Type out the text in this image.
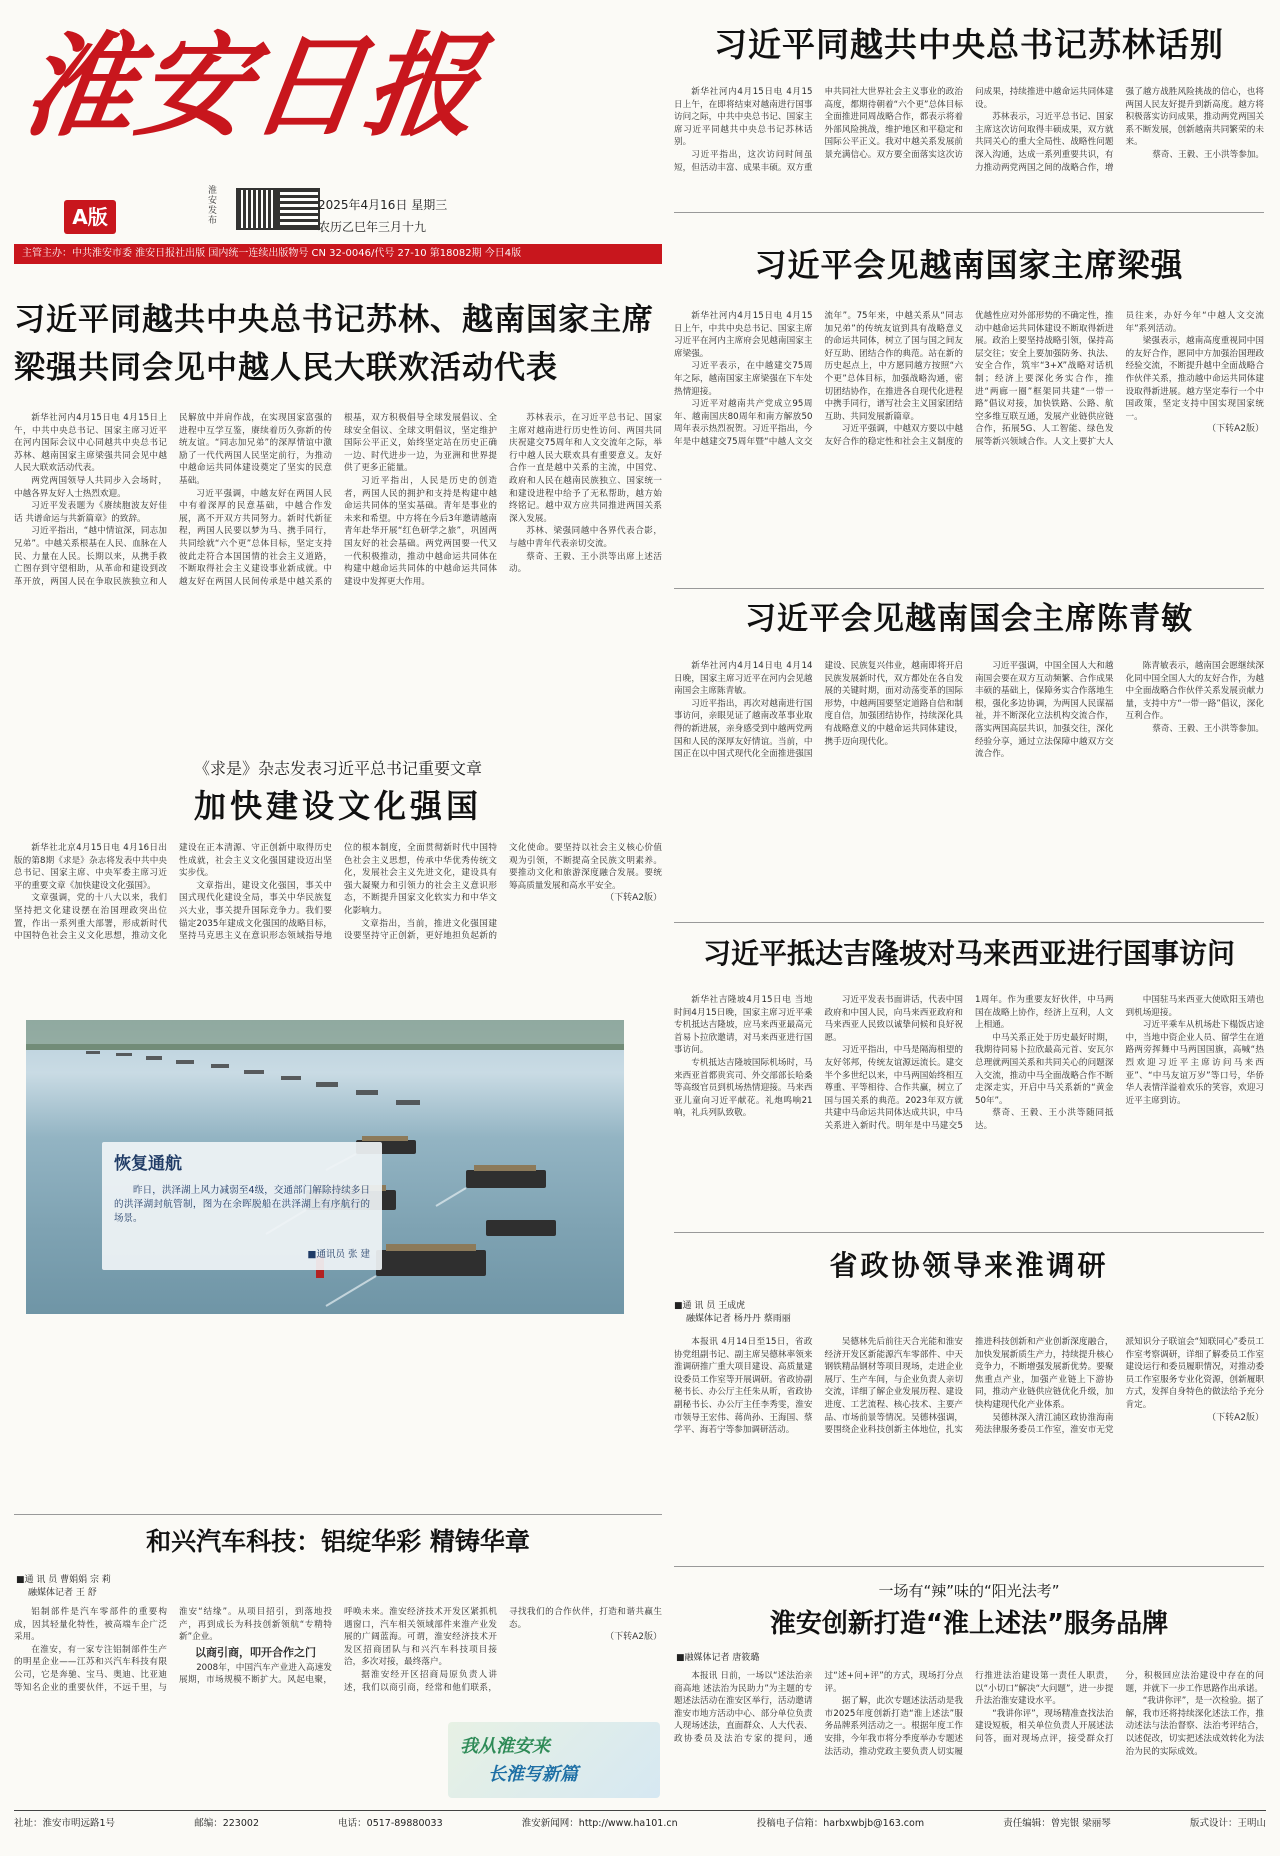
淮安日报
A版
淮安发布
2025年4月16日 星期三
农历乙巳年三月十九
主管主办：中共淮安市委 淮安日报社出版 国内统一连续出版物号 CN 32-0046/代号 27-10 第18082期 今日4版
习近平同越共中央总书记苏林话别

新华社河内4月15日电 4月15日上午，在即将结束对越南进行国事访问之际，中共中央总书记、国家主席习近平同越共中央总书记苏林话别。

习近平指出，这次访问时间虽短，但活动丰富、成果丰硕。双方重申共同社大世界社会主义事业的政治高度，都期待朝着“六个更”总体目标全面推进同周战略合作，都表示将着外部风险挑战，维护地区和平稳定和国际公平正义。我对中越关系发展前景充满信心。双方要全面落实这次访问成果，持续推进中越命运共同体建设。

苏林表示，习近平总书记、国家主席这次访问取得丰硕成果，双方就共同关心的重大全局性、战略性问题深入沟通，达成一系列重要共识，有力推动两党两国之间的战略合作，增强了越方战胜风险挑战的信心，也将两国人民友好提升到新高度。越方将积极落实访问成果，推动两党两国关系不断发展，创新越南共同繁荣的未来。

蔡奇、王毅、王小洪等参加。

习近平会见越南国家主席梁强

新华社河内4月15日电 4月15日上午，中共中央总书记、国家主席习近平在河内主席府会见越南国家主席梁强。

习近平表示，在中越建交75周年之际，越南国家主席梁强在下车处热情迎接。

习近平对越南共产党成立95周年、越南国庆80周年和南方解放50周年表示热烈祝贺。习近平指出，今年是中越建交75周年暨“中越人文交流年”。75年来，中越关系从“同志加兄弟”的传统友谊到具有战略意义的命运共同体，树立了国与国之间友好互助、团结合作的典范。站在新的历史起点上，中方愿同越方按照“六个更”总体目标，加强战略沟通，密切团结协作，在推进各自现代化进程中携手同行，谱写社会主义国家团结互助、共同发展新篇章。

习近平强调，中越双方要以中越友好合作的稳定性和社会主义制度的优越性应对外部形势的不确定性，推动中越命运共同体建设不断取得新进展。政治上要坚持战略引领，保持高层交往；安全上要加强防务、执法、安全合作，筑牢“3+X”战略对话机制；经济上要深化务实合作，推进“两廊一圈”框架同共建“一带一路”倡议对接，加快铁路、公路、航空多维互联互通，发展产业链供应链合作，拓展5G、人工智能、绿色发展等新兴领域合作。人文上要扩大人员往来，办好今年“中越人文交流年”系列活动。

梁强表示，越南高度重视同中国的友好合作，愿同中方加强治国理政经验交流，不断提升越中全面战略合作伙伴关系，推动越中命运共同体建设取得新进展。越方坚定奉行一个中国政策，坚定支持中国实现国家统一。

（下转A2版）

习近平同越共中央总书记苏林、越南国家主席
梁强共同会见中越人民大联欢活动代表

新华社河内4月15日电 4月15日上午，中共中央总书记、国家主席习近平在河内国际会议中心同越共中央总书记苏林、越南国家主席梁强共同会见中越人民大联欢活动代表。

两党两国领导人共同步入会场时，中越各界友好人士热烈欢迎。

习近平发表题为《赓续胞波友好佳话 共谱命运与共新篇章》的致辞。

习近平指出，“越中情谊深，同志加兄弟”。中越关系根基在人民、血脉在人民、力量在人民。长期以来，从携手救亡图存到守望相助，从革命和建设到改革开放，两国人民在争取民族独立和人民解放中并肩作战，在实现国家富强的进程中互学互鉴，赓续着历久弥新的传统友谊。“同志加兄弟”的深厚情谊中激励了一代代两国人民坚定前行，为推动中越命运共同体建设奠定了坚实的民意基础。

习近平强调，中越友好在两国人民中有着深厚的民意基础，中越合作发展，离不开双方共同努力。新时代新征程，两国人民要以梦为马、携手同行，共同绘就“六个更”总体目标，坚定支持彼此走符合本国国情的社会主义道路，不断取得社会主义建设事业新成就。中越友好在两国人民间传承是中越关系的根基，双方积极倡导全球发展倡议、全球安全倡议、全球文明倡议，坚定维护国际公平正义，始终坚定站在历史正确一边、时代进步一边，为亚洲和世界提供了更多正能量。

习近平指出，人民是历史的创造者，两国人民的拥护和支持是构建中越命运共同体的坚实基础。青年是事业的未来和希望。中方将在今后3年邀请越南青年赴华开展“红色研学之旅”，巩固两国友好的社会基础。两党两国要一代又一代积极推动，推动中越命运共同体在构建中越命运共同体的中越命运共同体建设中发挥更大作用。

苏林表示，在习近平总书记、国家主席对越南进行历史性访问、两国共同庆祝建交75周年和人文交流年之际，举行中越人民大联欢具有重要意义。友好合作一直是越中关系的主流，中国党、政府和人民在越南民族独立、国家统一和建设进程中给予了无私帮助，越方始终铭记。越中双方应共同推进两国关系深入发展。

苏林、梁强同越中各界代表合影，与越中青年代表亲切交流。

蔡奇、王毅、王小洪等出席上述活动。

《求是》杂志发表习近平总书记重要文章
加快建设文化强国

新华社北京4月15日电 4月16日出版的第8期《求是》杂志将发表中共中央总书记、国家主席、中央军委主席习近平的重要文章《加快建设文化强国》。

文章强调，党的十八大以来，我们坚持把文化建设摆在治国理政突出位置，作出一系列重大部署，形成新时代中国特色社会主义文化思想，推动文化建设在正本清源、守正创新中取得历史性成就，社会主义文化强国建设迈出坚实步伐。

文章指出，建设文化强国，事关中国式现代化建设全局，事关中华民族复兴大业，事关提升国际竞争力。我们要锚定2035年建成文化强国的战略目标，坚持马克思主义在意识形态领域指导地位的根本制度，全面贯彻新时代中国特色社会主义思想，传承中华优秀传统文化，发展社会主义先进文化，建设具有强大凝聚力和引领力的社会主义意识形态，不断提升国家文化软实力和中华文化影响力。

文章指出，当前，推进文化强国建设要坚持守正创新，更好地担负起新的文化使命。要坚持以社会主义核心价值观为引领，不断提高全民族文明素养。要推动文化和旅游深度融合发展。要统筹高质量发展和高水平安全。

（下转A2版）

习近平会见越南国会主席陈青敏

新华社河内4月14日电 4月14日晚，国家主席习近平在河内会见越南国会主席陈青敏。

习近平指出，再次对越南进行国事访问，亲眼见证了越南改革事业取得的新进展，亲身感受到中越两党两国和人民的深厚友好情谊。当前，中国正在以中国式现代化全面推进强国建设、民族复兴伟业，越南即将开启民族发展新时代，双方都处在各自发展的关键时期，面对动荡变革的国际形势，中越两国要坚定道路自信和制度自信，加强团结协作，持续深化具有战略意义的中越命运共同体建设，携手迈向现代化。

习近平强调，中国全国人大和越南国会要在双方互动频繁、合作成果丰硕的基础上，保障务实合作落地生根，强化多边协调，为两国人民谋福祉，并不断深化立法机构交流合作，落实两国高层共识，加强交往，深化经验分享，通过立法保障中越双方交流合作。

陈青敏表示，越南国会愿继续深化同中国全国人大的友好合作，为越中全面战略合作伙伴关系发展贡献力量，支持中方“一带一路”倡议，深化互利合作。

蔡奇、王毅、王小洪等参加。

习近平抵达吉隆坡对马来西亚进行国事访问

新华社吉隆坡4月15日电 当地时间4月15日晚，国家主席习近平乘专机抵达吉隆坡，应马来西亚最高元首易卜拉欣邀请，对马来西亚进行国事访问。

专机抵达吉隆坡国际机场时，马来西亚首都贵宾司、外交部部长哈桑等高级官员到机场热情迎接。马来西亚儿童向习近平献花。礼炮鸣响21响，礼兵列队致敬。

习近平发表书面讲话，代表中国政府和中国人民，向马来西亚政府和马来西亚人民致以诚挚问候和良好祝愿。

习近平指出，中马是隔海相望的友好邻邦，传统友谊源远流长。建交半个多世纪以来，中马两国始终相互尊重、平等相待、合作共赢，树立了国与国关系的典范。2023年双方就共建中马命运共同体达成共识，中马关系进入新时代。明年是中马建交51周年。作为重要友好伙伴，中马两国在战略上协作，经济上互利，人文上相通。

中马关系正处于历史最好时期，我期待同易卜拉欣最高元首、安瓦尔总理就两国关系和共同关心的问题深入交流，推动中马全面战略合作不断走深走实，开启中马关系新的“黄金50年”。

蔡奇、王毅、王小洪等随同抵达。

中国驻马来西亚大使欧阳玉靖也到机场迎接。

习近平乘车从机场赴下榻饭店途中，当地中资企业人员、留学生在道路两旁挥舞中马两国国旗，高喊“热烈欢迎习近平主席访问马来西亚”、“中马友谊万岁”等口号，华侨华人表情洋溢着欢乐的笑容，欢迎习近平主席到访。

恢复通航
昨日，洪泽湖上风力减弱至4级，交通部门解除持续多日的洪泽湖封航管制，图为在余晖脱船在洪泽湖上有序航行的场景。
■通讯员 张 建	省政协领导来淮调研
■通 讯 员 王成虎
融媒体记者 杨丹丹 蔡雨丽

本报讯 4月14日至15日，省政协党组副书记、副主席吴德林率领来淮调研推广重大项目建设、高质量建设委员工作室等开展调研。省政协副秘书长、办公厅主任朱从昕，省政协副秘书长、办公厅主任李秀雯，淮安市领导王宏伟、蒋尚孙、王海国、蔡学平、海若宁等参加调研活动。

吴德林先后前往天合光能和淮安经济开发区新能源汽车零部件、中天钢铁精品钢材等项目现场，走进企业展厅、生产车间，与企业负责人亲切交流，详细了解企业发展历程、建设进度、工艺流程、核心技术、主要产品、市场前景等情况。吴德林强调，要围绕企业科技创新主体地位，扎实推进科技创新和产业创新深度融合，加快发展新质生产力，持续提升核心竞争力，不断增强发展新优势。要聚焦重点产业，加强产业链上下游协同，推动产业链供应链优化升级，加快构建现代化产业体系。

吴德林深入清江浦区政协淮海南苑法律服务委员工作室，淮安市无党派知识分子联谊会“知联同心”委员工作室考察调研，详细了解委员工作室建设运行和委员履职情况，对推动委员工作室服务专业化资源，创新履职方式，发挥自身特色的做法给予充分肯定。

（下转A2版）

和兴汽车科技：铝绽华彩 精铸华章
■通 讯 员 曹娟娟 宗 莉
融媒体记者 王 舒

铝制部件是汽车零部件的重要构成，因其轻量化特性，被高端车企广泛采用。

在淮安，有一家专注铝制部件生产的明星企业——江苏和兴汽车科技有限公司，它是奔驰、宝马、奥迪、比亚迪等知名企业的重要伙伴，不远千里，与淮安“结缘”。从项目招引，到落地投产，再到成长为科技创新领航“专精特新”企业。

以商引商，叩开合作之门

2008年，中国汽车产业进入高速发展期，市场规模不断扩大。风起电聚，呼唤未来。淮安经济技术开发区紧抓机遇窗口，汽车相关领域部件来淮产业发展的广阔蓝海。可谓，淮安经济技术开发区招商团队与和兴汽车科技项目接洽，多次对接，最终落户。

据淮安经开区招商局原负责人讲述，我们以商引商，经常和他们联系，寻找我们的合作伙伴，打造和谐共赢生态。

（下转A2版）

我从淮安来
长淮写新篇
一场有“辣”味的“阳光法考”
淮安创新打造“淮上述法”服务品牌
■融媒体记者 唐筱璐

本报讯 日前，一场以“述法治亲商高地 述法治为民助力”为主题的专题述法活动在淮安区举行，活动邀请淮安市地方活动中心、部分单位负责人现场述法，直面群众、人大代表、政协委员及法治专家的提问，通过“述+问+评”的方式，现场打分点评。

据了解，此次专题述法活动是我市2025年度创新打造“淮上述法”服务品牌系列活动之一。根据年度工作安排，今年我市将分季度举办专题述法活动，推动党政主要负责人切实履行推进法治建设第一责任人职责，以“小切口”解决“大问题”，进一步提升法治淮安建设水平。

“我讲你评”，现场精准查找法治建设短板，相关单位负责人开展述法问答，面对现场点评，接受群众打分，积极回应法治建设中存在的问题，并就下一步工作思路作出承诺。

“我讲你评”，是一次检验。据了解，我市还将持续深化述法工作，推动述法与法治督察、法治考评结合，以述促改，切实把述法成效转化为法治为民的实际成效。

社址：淮安市明远路1号	邮编：223002	电话：0517-89880033	淮安新闻网：http://www.ha101.cn	投稿电子信箱：harbxwbjb@163.com	责任编辑：曾宪银 梁丽琴	版式设计：王明山
